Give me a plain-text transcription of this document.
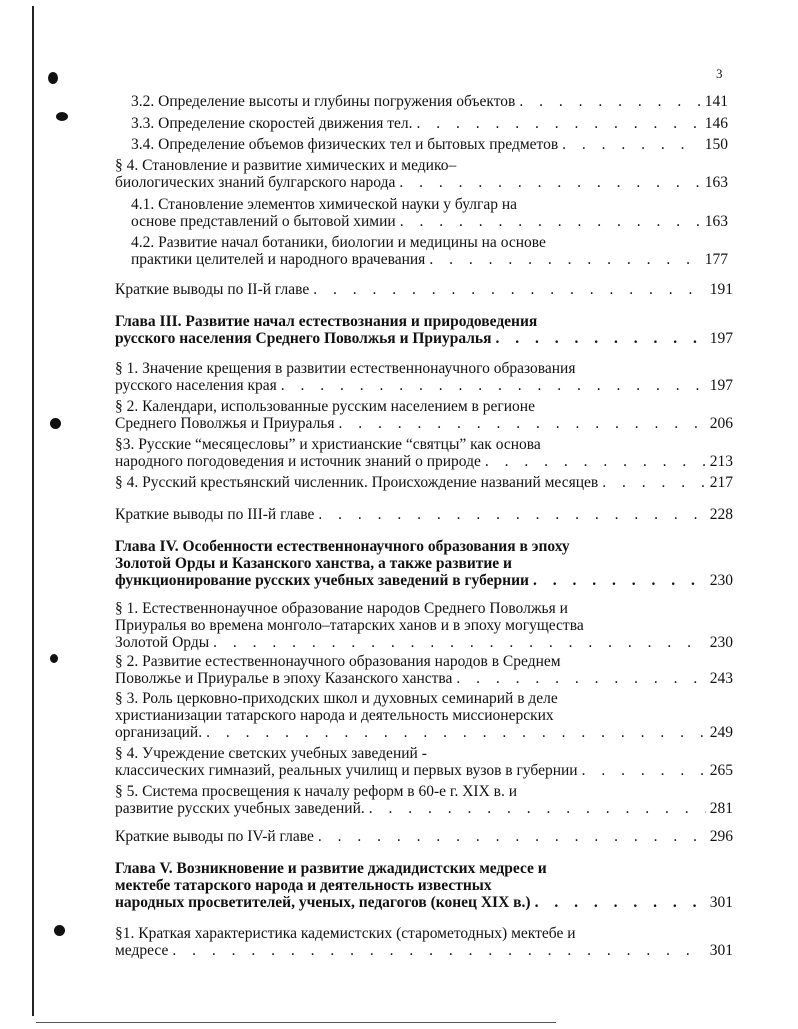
3
3.2. Определение высоты и глубины погружения объектов . . .	141
3.3. Определение скоростей движения тел. . . .	146
3.4. Определение объемов физических тел и бытовых предметов . . .	150
§ 4. Становление и развитие химических и медико–
биологических знаний булгарского народа . . .	163
4.1. Становление элементов химической науки у булгар на
основе представлений о бытовой химии . . .	163
4.2. Развитие начал ботаники, биологии и медицины на основе
практики целителей и народного врачевания . . .	177
Краткие выводы по II-й главе . . .	191
Глава III. Развитие начал естествознания и природоведения
русского населения Среднего Поволжья и Приуралья . . .	197
§ 1. Значение крещения в развитии естественнонаучного образования
русского населения края . . .	197
§ 2. Календари, использованные русским населением в регионе
Среднего Поволжья и Приуралья . . .	206
§3. Русские “месяцесловы” и христианские “святцы” как основа
народного погодоведения и источник знаний о природе . . .	213
§ 4. Русский крестьянский численник. Происхождение названий месяцев . . .	217
Краткие выводы по III-й главе . . .	228
Глава IV. Особенности естественнонаучного образования в эпоху
Золотой Орды и Казанского ханства, а также развитие и
функционирование русских учебных заведений в губернии . . .	230
§ 1. Естественнонаучное образование народов Среднего Поволжья и
Приуралья во времена монголо–татарских ханов и в эпоху могущества
Золотой Орды . . .	230
§ 2. Развитие естественнонаучного образования народов в Среднем
Поволжье и Приуралье в эпоху Казанского ханства . . .	243
§ 3. Роль церковно-приходских школ и духовных семинарий в деле
христианизации татарского народа и деятельность миссионерских
организаций. . . .	249
§ 4. Учреждение светских учебных заведений -
классических гимназий, реальных училищ и первых вузов в губернии . . .	265
§ 5. Система просвещения к началу реформ в 60-е г. XIX в. и
развитие русских учебных заведений. . . .	281
Краткие выводы по IV-й главе . . .	296
Глава V. Возникновение и развитие джадидистских медресе и
мектебе татарского народа и деятельность известных
народных просветителей, ученых, педагогов (конец XIX в.) . . .	301
§1. Краткая характеристика кадемистских (старометодных) мектебе и
медресе . . .	301
